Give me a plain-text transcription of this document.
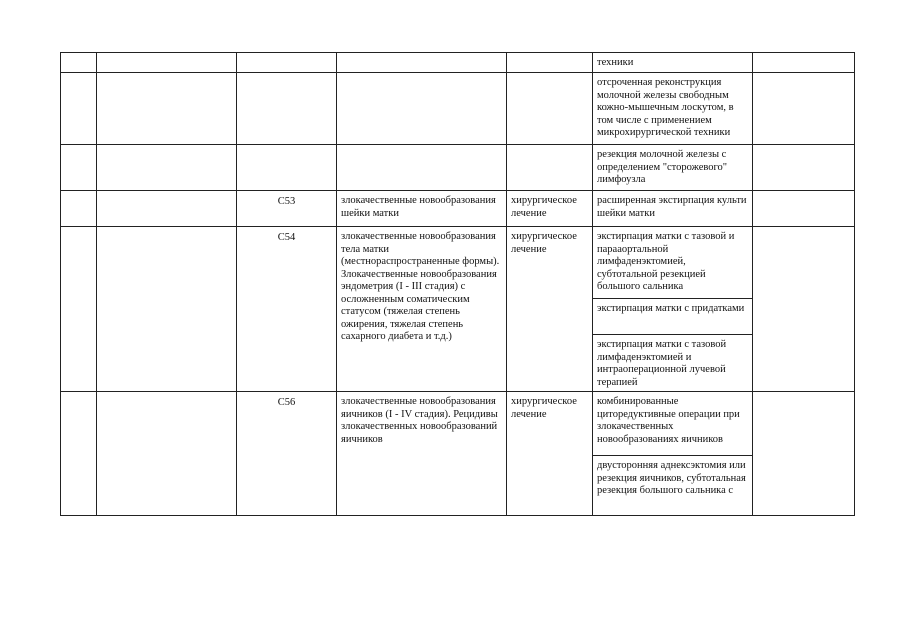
					техники	
					отсроченная реконструкция молочной железы свободным кожно-мышечным лоскутом, в том числе с применением микрохирургической техники	
					резекция молочной железы с определением "сторожевого" лимфоузла	
		C53	злокачественные новообразования шейки матки	хирургическое лечение	расширенная экстирпация культи шейки матки	
		C54	злокачественные новообразования тела матки (местнораспространенные формы). Злокачественные новообразования эндометрия (I - III стадия) с осложненным соматическим статусом (тяжелая степень ожирения, тяжелая степень сахарного диабета и т.д.)	хирургическое лечение	экстирпация матки с тазовой и парааортальной лимфаденэктомией, субтотальной резекцией большого сальника	
					экстирпация матки с придатками	
					экстирпация матки с тазовой лимфаденэктомией и интраоперационной лучевой терапией	
		C56	злокачественные новообразования яичников (I - IV стадия). Рецидивы злокачественных новообразований яичников	хирургическое лечение	комбинированные циторедуктивные операции при злокачественных новообразованиях яичников	
					двусторонняя аднексэктомия или резекция яичников, субтотальная резекция большого сальника с	
